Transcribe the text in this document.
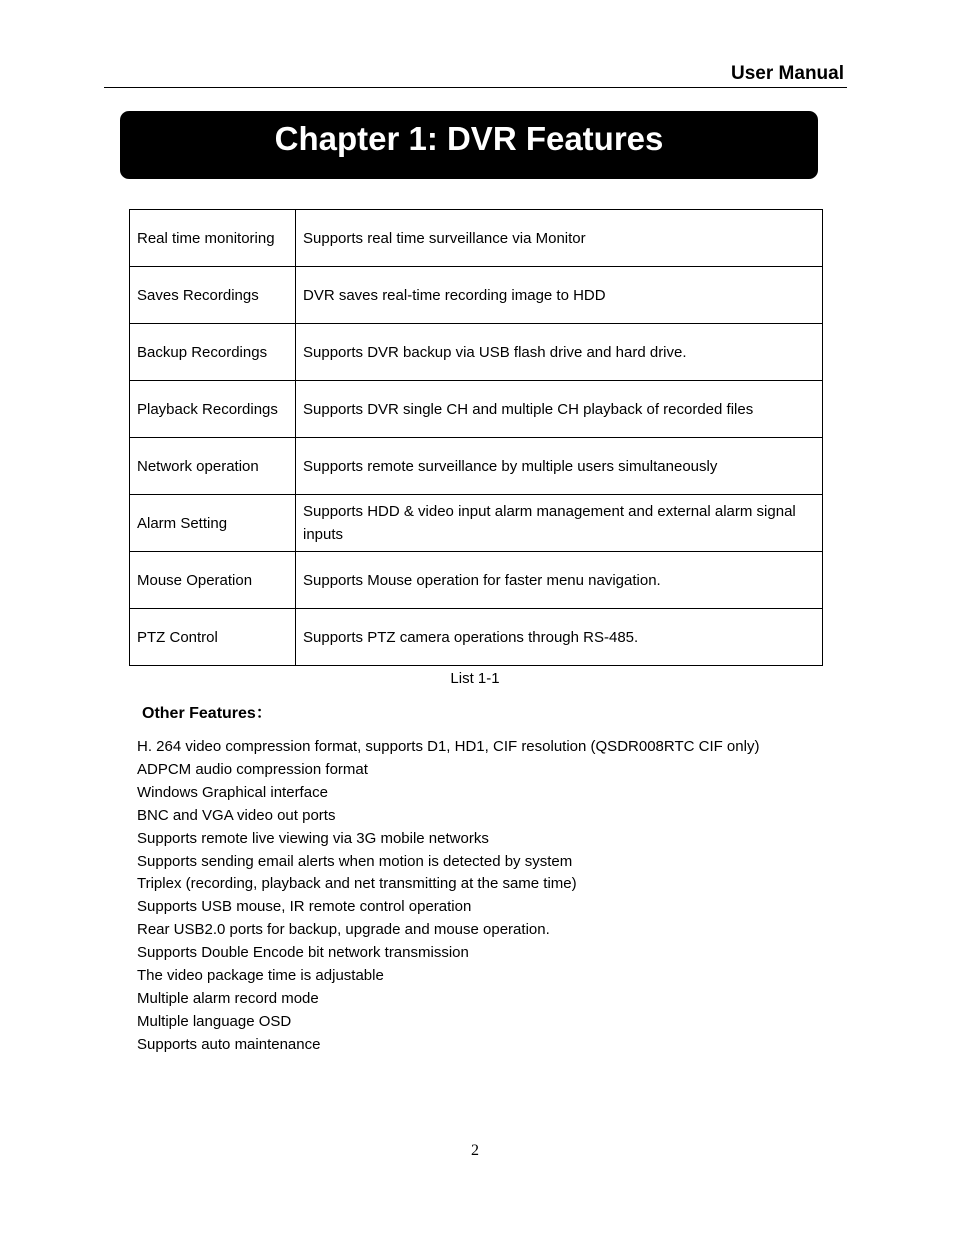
User Manual
Chapter 1: DVR Features
Real time monitoring	Supports real time surveillance via Monitor
Saves Recordings	DVR saves real-time recording image to HDD
Backup Recordings	Supports DVR backup via USB flash drive and hard drive.
Playback Recordings	Supports DVR single CH and multiple CH playback of recorded files
Network operation	Supports remote surveillance by multiple users simultaneously
Alarm Setting	Supports HDD & video input alarm management and external alarm signal inputs
Mouse Operation	Supports Mouse operation for faster menu navigation.
PTZ Control	Supports PTZ camera operations through RS-485.
List 1-1
Other Features：
H. 264 video compression format, supports D1, HD1, CIF resolution (QSDR008RTC CIF only)
ADPCM audio compression format
Windows Graphical interface
BNC and VGA video out ports
Supports remote live viewing via 3G mobile networks
Supports sending email alerts when motion is detected by system
Triplex (recording, playback and net transmitting at the same time)
Supports USB mouse, IR remote control operation
Rear USB2.0 ports for backup, upgrade and mouse operation.
Supports Double Encode bit network transmission
The video package time is adjustable
Multiple alarm record mode
Multiple language OSD
Supports auto maintenance
2
